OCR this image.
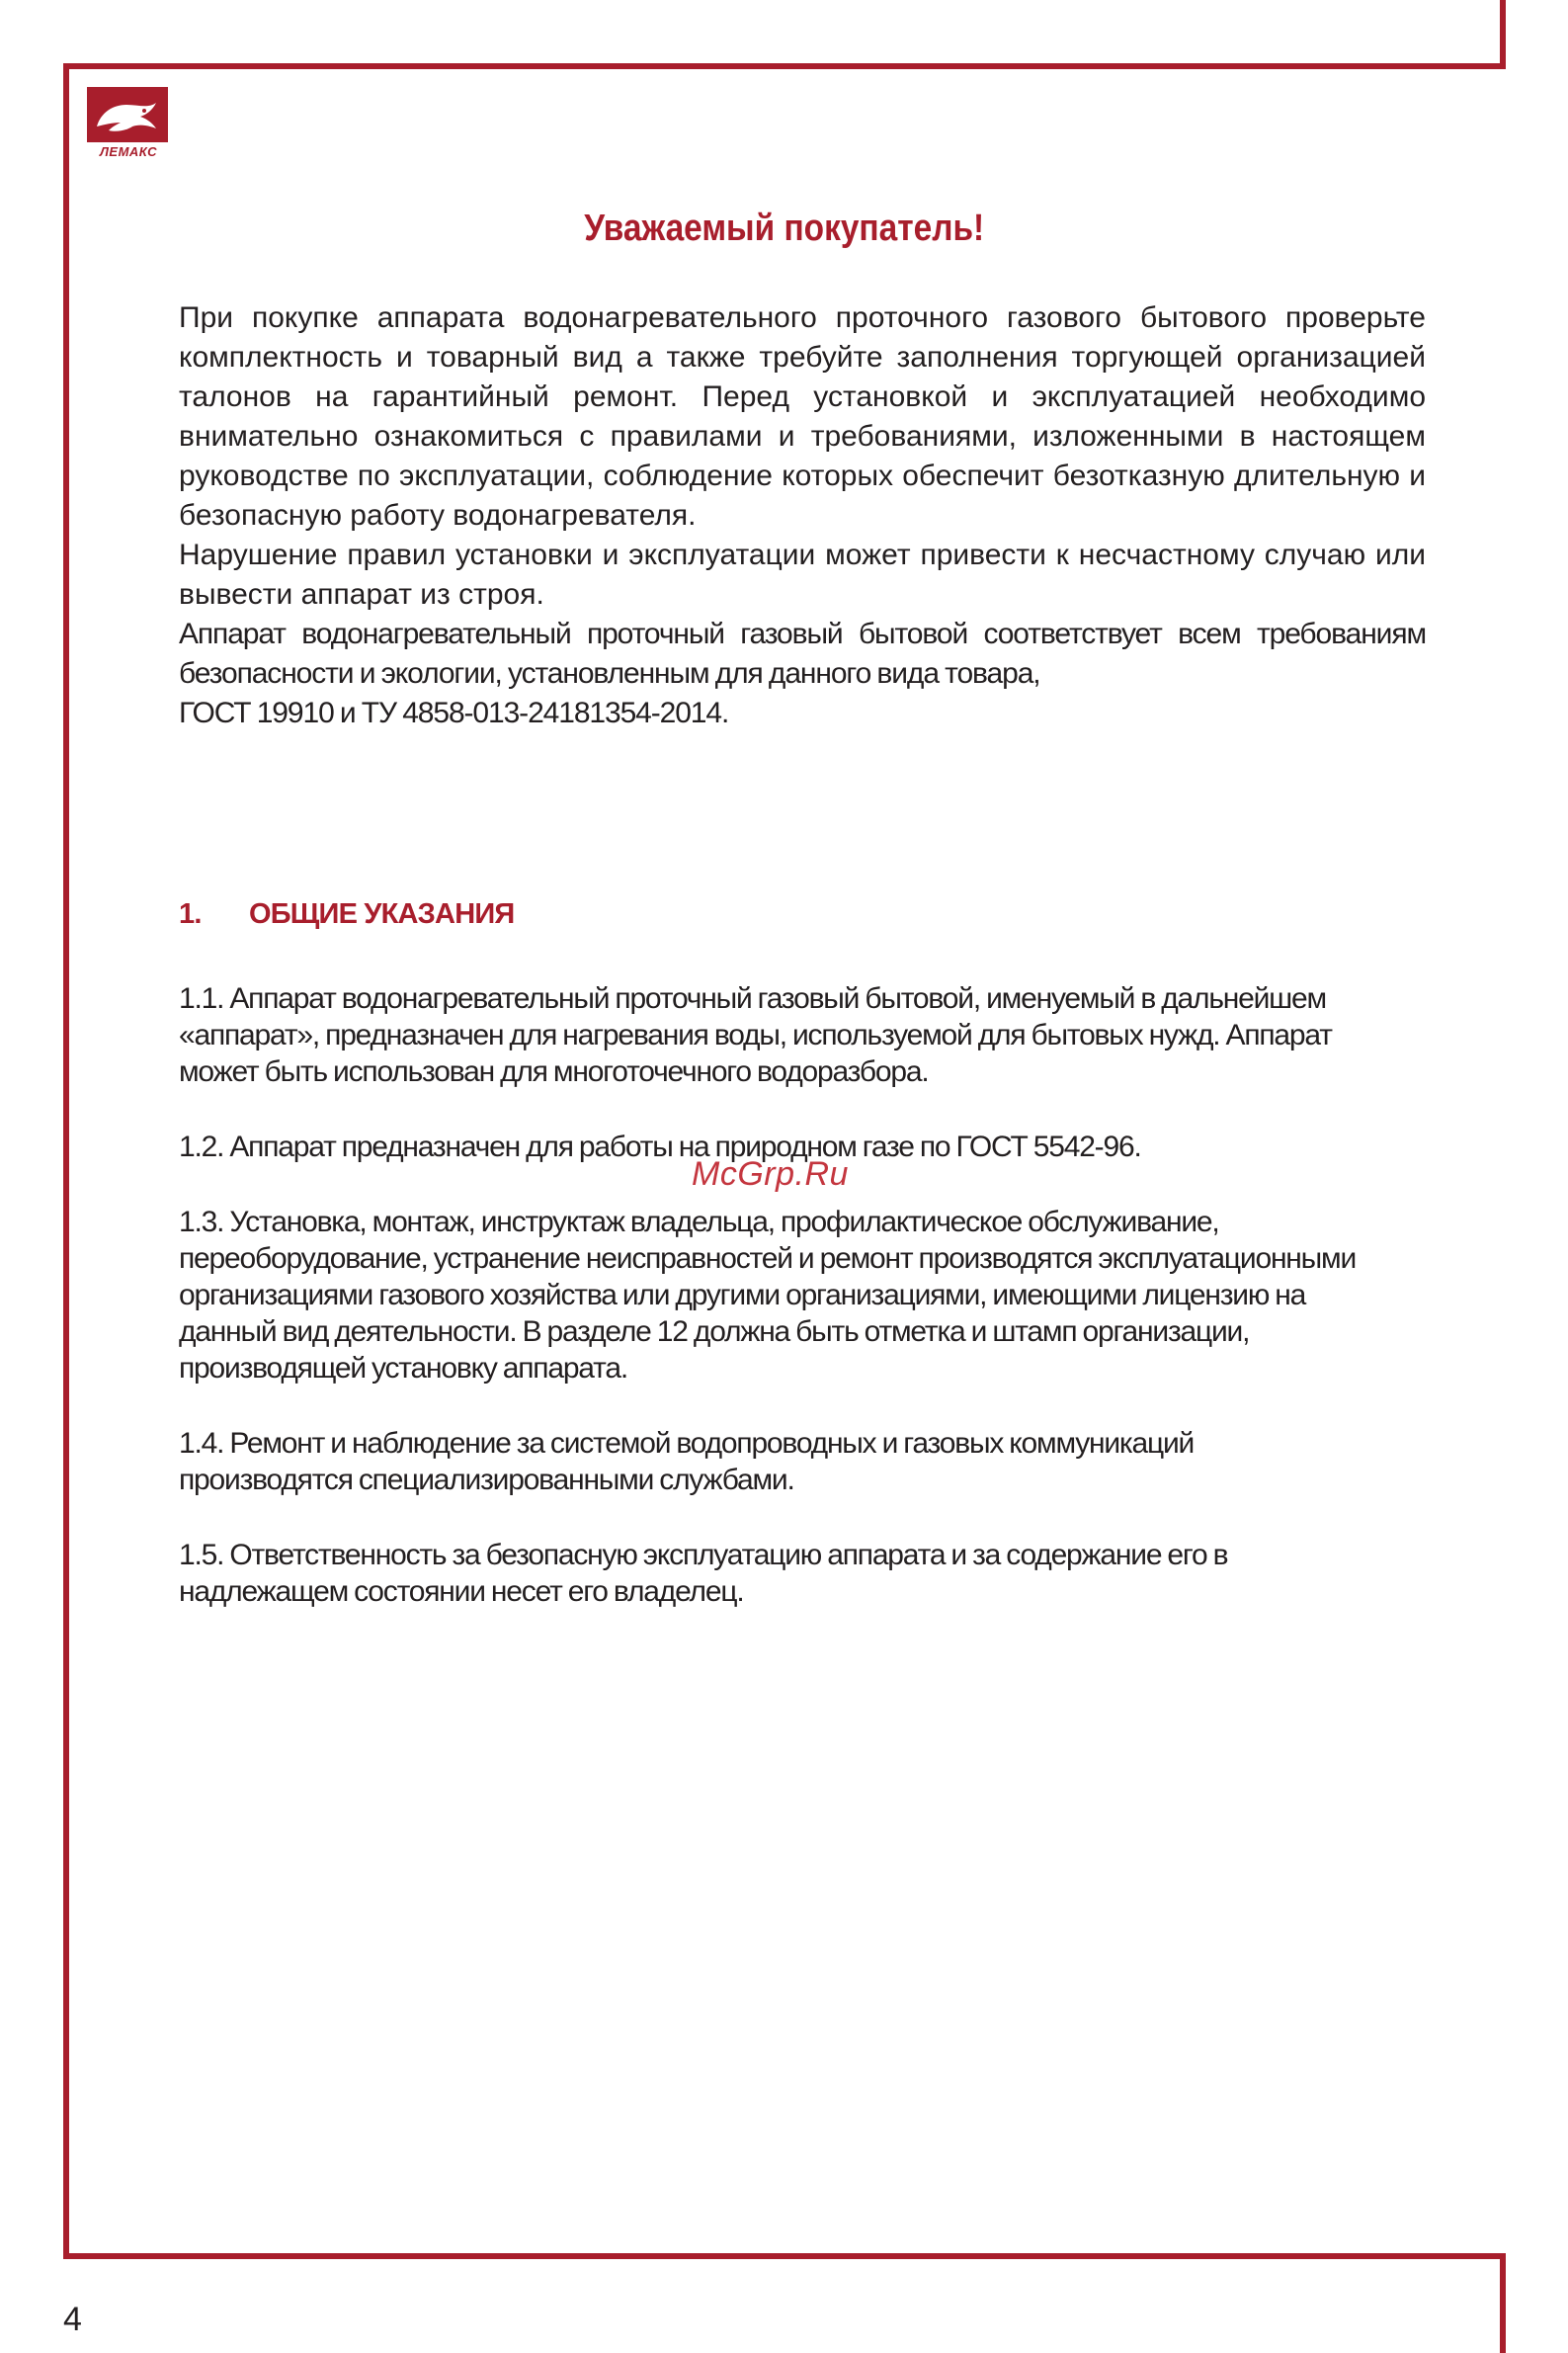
ЛЕМАКС
Уважаемый покупатель!

При покупке аппарата водонагревательного проточного газового бытового проверьте комплектность и товарный вид а также требуйте заполнения торгующей организацией талонов на гарантийный ремонт. Перед установкой и эксплуатацией необходимо внимательно ознакомиться с правилами и требованиями, изложенными в настоящем руководстве по эксплуатации, соблюдение которых обеспечит безотказную длительную и безопасную работу водонагревателя.

Нарушение правил установки и эксплуатации может привести к несчастному случаю или вывести аппарат из строя.

Аппарат водонагревательный проточный газовый бытовой соответствует всем требованиям безопасности и экологии, установленным для данного вида товара,

ГОСТ 19910 и ТУ 4858-013-24181354-2014.

1. ОБЩИЕ УКАЗАНИЯ

1.1. Аппарат водонагревательный проточный газовый бытовой, именуемый в дальнейшем
«аппарат», предназначен для нагревания воды, используемой для бытовых нужд. Аппарат
может быть использован для многоточечного водоразбора.

1.2. Аппарат предназначен для работы на природном газе по ГОСТ 5542-96.

1.3. Установка, монтаж, инструктаж владельца, профилактическое обслуживание,
переоборудование, устранение неисправностей и ремонт производятся эксплуатационными
организациями газового хозяйства или другими организациями, имеющими лицензию на
данный вид деятельности. В разделе 12 должна быть отметка и штамп организации,
производящей установку аппарата.

1.4. Ремонт и наблюдение за системой водопроводных и газовых коммуникаций
производятся специализированными службами.

1.5. Ответственность за безопасную эксплуатацию аппарата и за содержание его в
надлежащем состоянии несет его владелец.

McGrp.Ru
4
